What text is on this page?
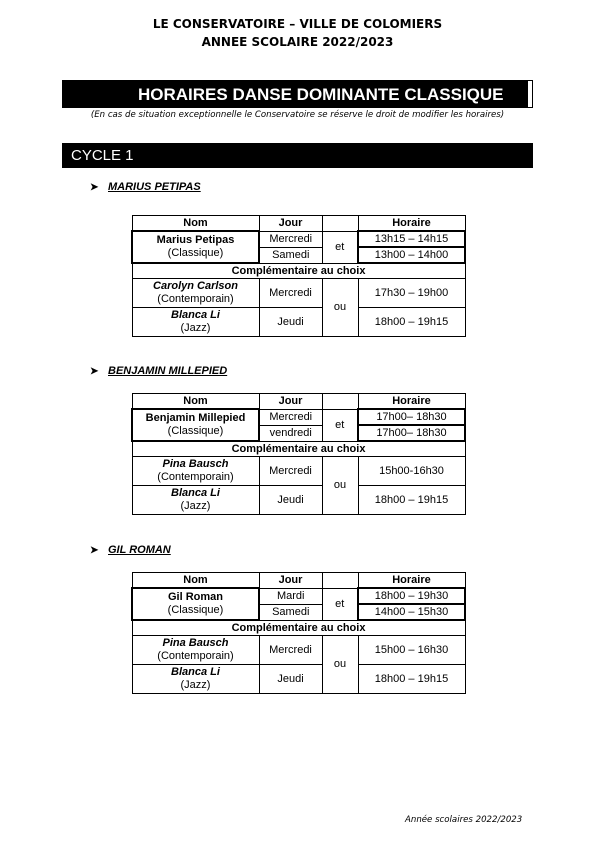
LE CONSERVATOIRE – VILLE DE COLOMIERS
ANNEE SCOLAIRE 2022/2023
HORAIRES DANSE DOMINANTE CLASSIQUE
(En cas de situation exceptionnelle le Conservatoire se réserve le droit de modifier les horaires)
CYCLE 1
➤ MARIUS PETIPAS
Nom	Jour		Horaire
Marius Petipas
(Classique)	Mercredi	et	13h15 – 14h15
	Samedi		13h00 – 14h00
Complémentaire au choix			
Carolyn Carlson
(Contemporain)	Mercredi	ou	17h30 – 19h00
Blanca Li
(Jazz)	Jeudi		18h00 – 19h15
➤ BENJAMIN MILLEPIED
Nom	Jour		Horaire
Benjamin Millepied
(Classique)	Mercredi	et	17h00– 18h30
	vendredi		17h00– 18h30
Complémentaire au choix			
Pina Bausch
(Contemporain)	Mercredi	ou	15h00-16h30
Blanca Li
(Jazz)	Jeudi		18h00 – 19h15
➤ GIL ROMAN
Nom	Jour		Horaire
Gil Roman
(Classique)	Mardi	et	18h00 – 19h30
	Samedi		14h00 – 15h30
Complémentaire au choix			
Pina Bausch
(Contemporain)	Mercredi	ou	15h00 – 16h30
Blanca Li
(Jazz)	Jeudi		18h00 – 19h15
Année scolaires 2022/2023
